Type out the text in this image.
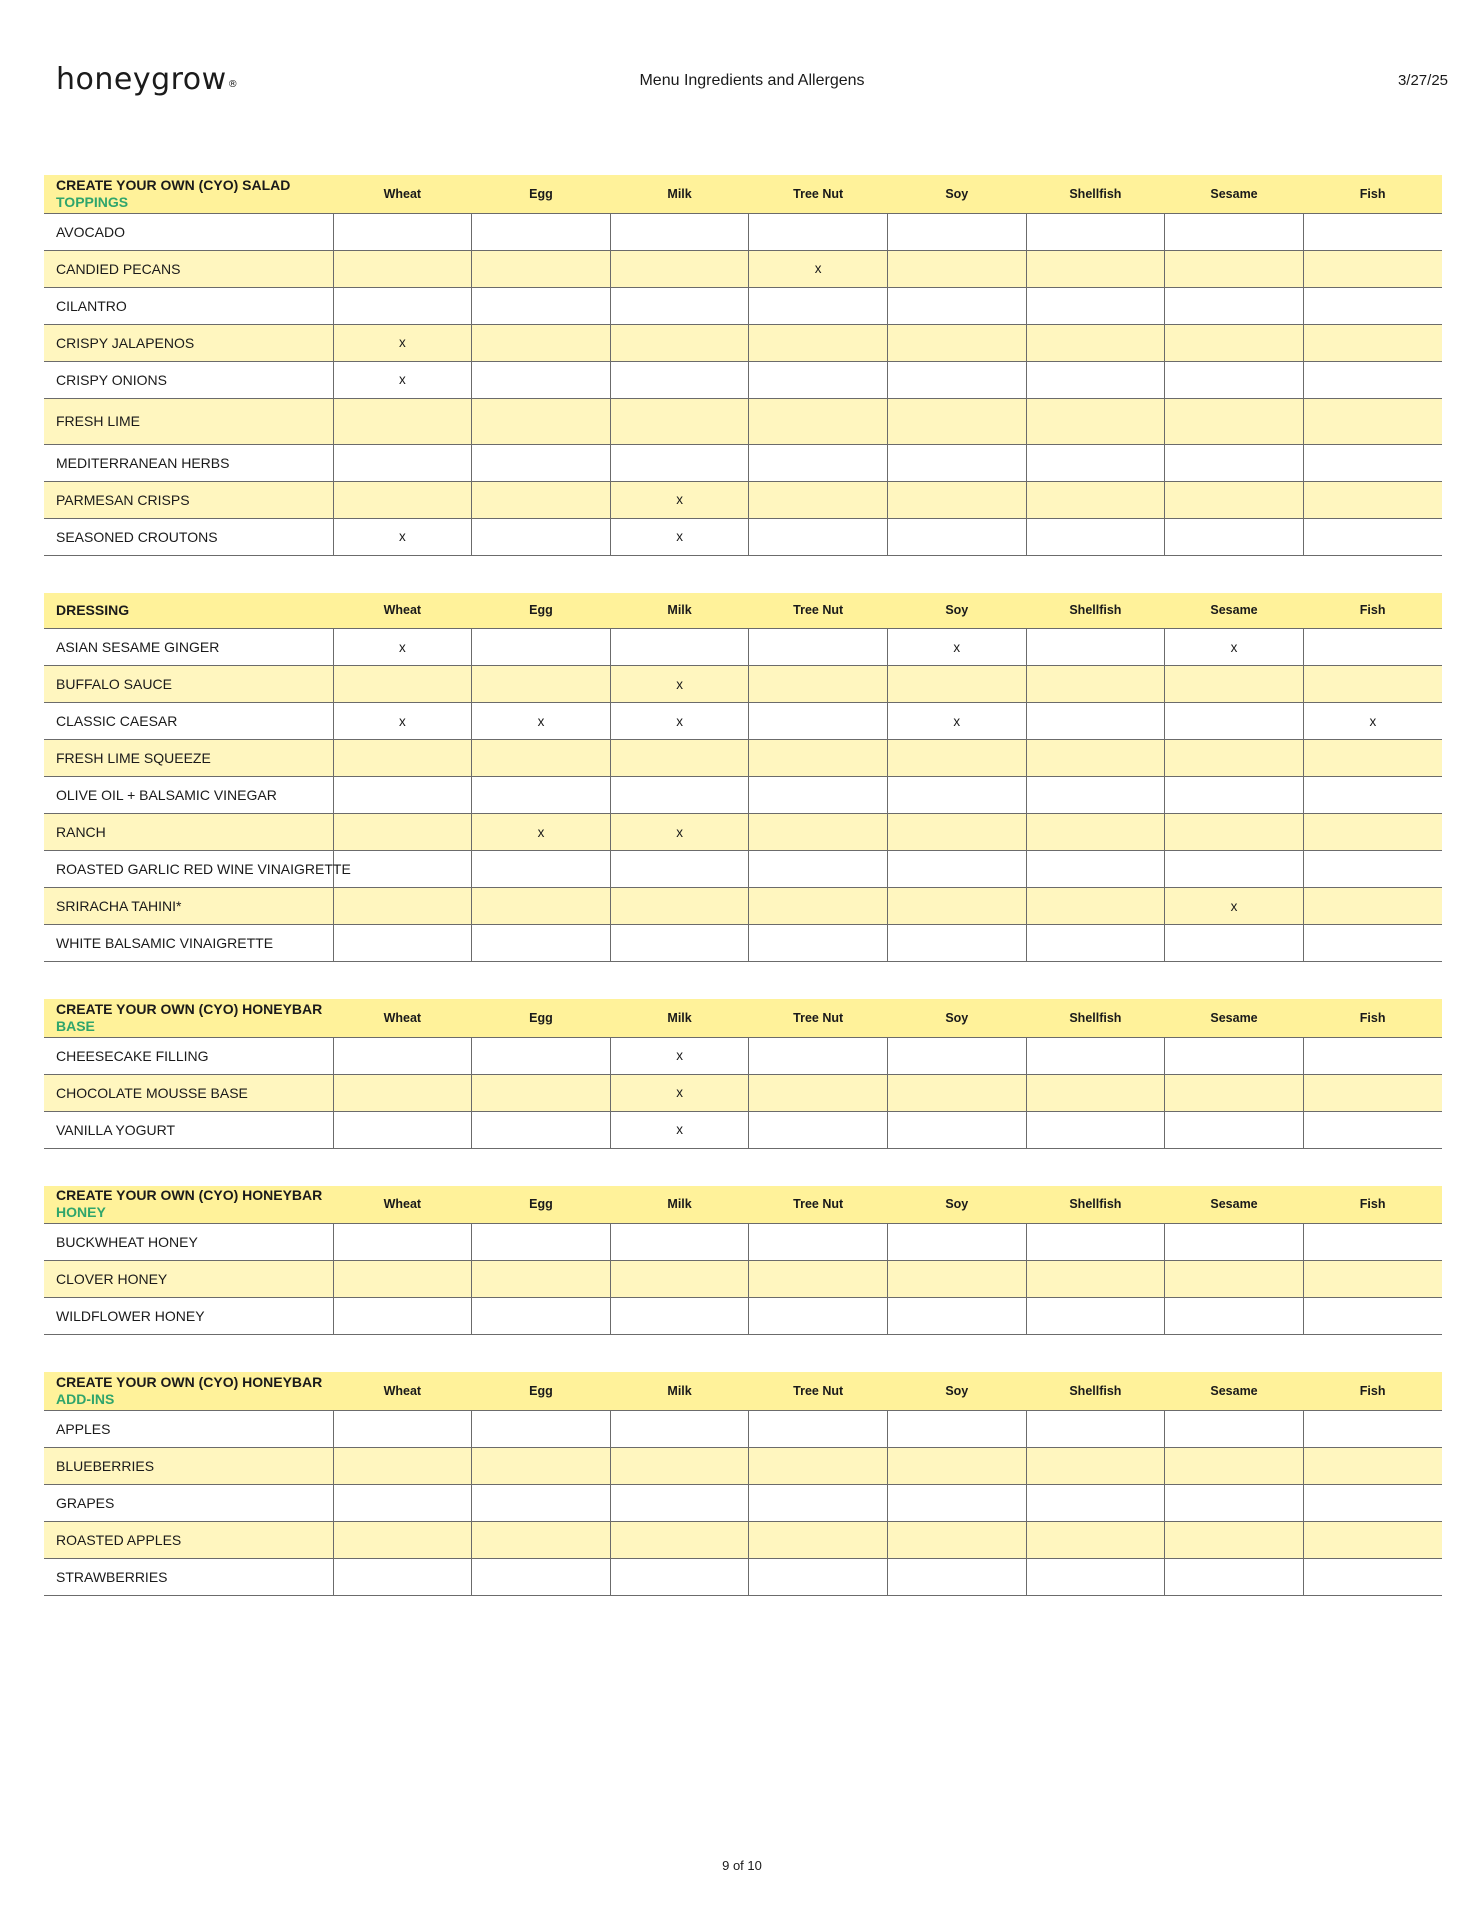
honeygrow®	Menu Ingredients and Allergens	3/27/25
CREATE YOUR OWN (CYO) SALAD
TOPPINGS	Wheat	Egg	Milk	Tree Nut	Soy	Shellfish	Sesame	Fish
AVOCADO								
CANDIED PECANS				x				
CILANTRO								
CRISPY JALAPENOS	x							
CRISPY ONIONS	x							
FRESH LIME								
MEDITERRANEAN HERBS								
PARMESAN CRISPS			x					
SEASONED CROUTONS	x		x					
DRESSING	Wheat	Egg	Milk	Tree Nut	Soy	Shellfish	Sesame	Fish
ASIAN SESAME GINGER	x				x		x	
BUFFALO SAUCE			x					
CLASSIC CAESAR	x	x	x		x			x
FRESH LIME SQUEEZE								
OLIVE OIL + BALSAMIC VINEGAR								
RANCH		x	x					
ROASTED GARLIC RED WINE VINAIGRETTE								
SRIRACHA TAHINI*							x	
WHITE BALSAMIC VINAIGRETTE								
CREATE YOUR OWN (CYO) HONEYBAR
BASE	Wheat	Egg	Milk	Tree Nut	Soy	Shellfish	Sesame	Fish
CHEESECAKE FILLING			x					
CHOCOLATE MOUSSE BASE			x					
VANILLA YOGURT			x					
CREATE YOUR OWN (CYO) HONEYBAR
HONEY	Wheat	Egg	Milk	Tree Nut	Soy	Shellfish	Sesame	Fish
BUCKWHEAT HONEY								
CLOVER HONEY								
WILDFLOWER HONEY								
CREATE YOUR OWN (CYO) HONEYBAR
ADD-INS	Wheat	Egg	Milk	Tree Nut	Soy	Shellfish	Sesame	Fish
APPLES								
BLUEBERRIES								
GRAPES								
ROASTED APPLES								
STRAWBERRIES								
9 of 10
